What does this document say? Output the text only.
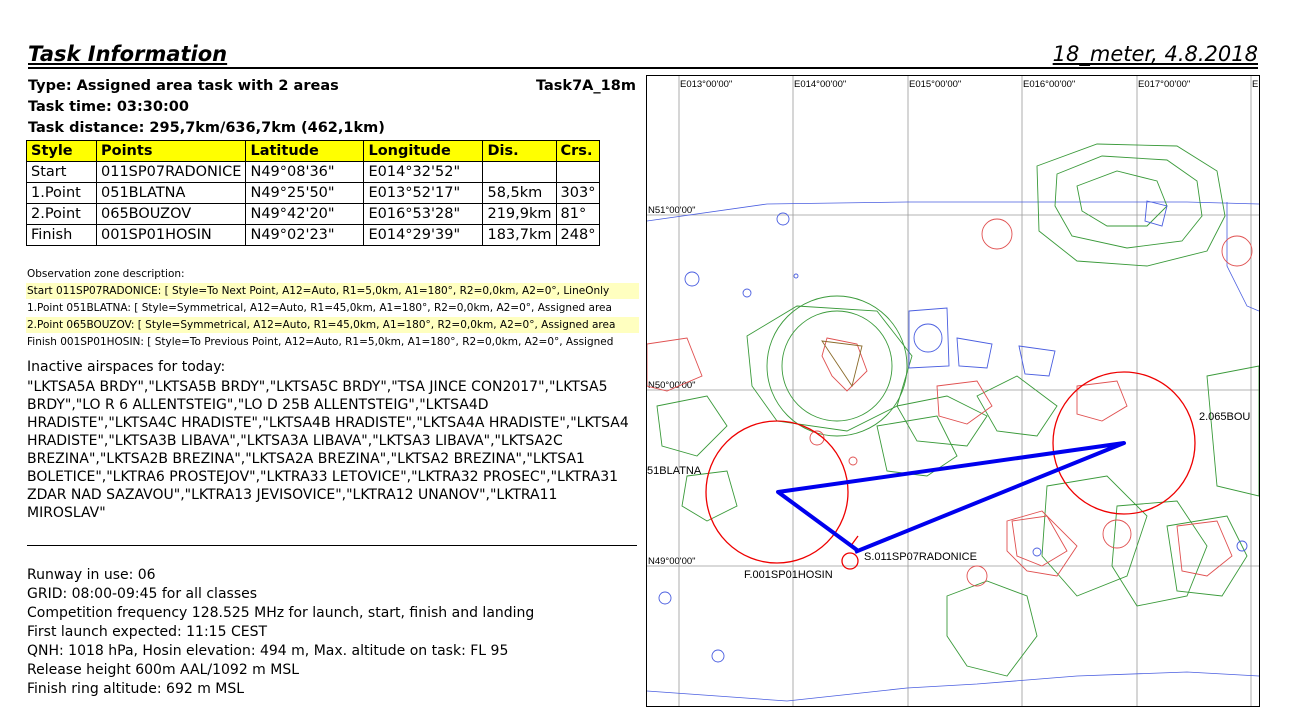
Task Information	18_meter, 4.8.2018
Type: Assigned area task with 2 areas	Task7A_18m
Task time: 03:30:00
Task distance: 295,7km/636,7km (462,1km)
Style	Points	Latitude	Longitude	Dis.	Crs.
Start	011SP07RADONICE	N49°08'36"	E014°32'52"		
1.Point	051BLATNA	N49°25'50"	E013°52'17"	58,5km	303°
2.Point	065BOUZOV	N49°42'20"	E016°53'28"	219,9km	81°
Finish	001SP01HOSIN	N49°02'23"	E014°29'39"	183,7km	248°
Observation zone description:
Start 011SP07RADONICE: [ Style=To Next Point, A12=Auto, R1=5,0km, A1=180°, R2=0,0km, A2=0°, LineOnly
1.Point 051BLATNA: [ Style=Symmetrical, A12=Auto, R1=45,0km, A1=180°, R2=0,0km, A2=0°, Assigned area
2.Point 065BOUZOV: [ Style=Symmetrical, A12=Auto, R1=45,0km, A1=180°, R2=0,0km, A2=0°, Assigned area
Finish 001SP01HOSIN: [ Style=To Previous Point, A12=Auto, R1=5,0km, A1=180°, R2=0,0km, A2=0°, Assigned
Inactive airspaces for today:
"LKTSA5A BRDY","LKTSA5B BRDY","LKTSA5C BRDY","TSA JINCE CON2017","LKTSA5 BRDY","LO R 6 ALLENTSTEIG","LO D 25B ALLENTSTEIG","LKTSA4D HRADISTE","LKTSA4C HRADISTE","LKTSA4B HRADISTE","LKTSA4A HRADISTE","LKTSA4 HRADISTE","LKTSA3B LIBAVA","LKTSA3A LIBAVA","LKTSA3 LIBAVA","LKTSA2C BREZINA","LKTSA2B BREZINA","LKTSA2A BREZINA","LKTSA2 BREZINA","LKTSA1 BOLETICE","LKTRA6 PROSTEJOV","LKTRA33 LETOVICE","LKTRA32 PROSEC","LKTRA31 ZDAR NAD SAZAVOU","LKTRA13 JEVISOVICE","LKTRA12 UNANOV","LKTRA11 MIROSLAV"
Runway in use: 06
GRID: 08:00-09:45 for all classes
Competition frequency 128.525 MHz for launch, start, finish and landing
First launch expected: 11:15 CEST
QNH: 1018 hPa, Hosin elevation: 494 m, Max. altitude on task: FL 95
Release height 600m AAL/1092 m MSL
Finish ring altitude: 692 m MSL
E013°00'00"	E014°00'00"	E015°00'00"	E016°00'00"	E017°00'00"	E
N51°00'00"
N50°00'00"
N49°00'00"
2.065BOU
51BLATNA
S.011SP07RADONICE
F.001SP01HOSIN
